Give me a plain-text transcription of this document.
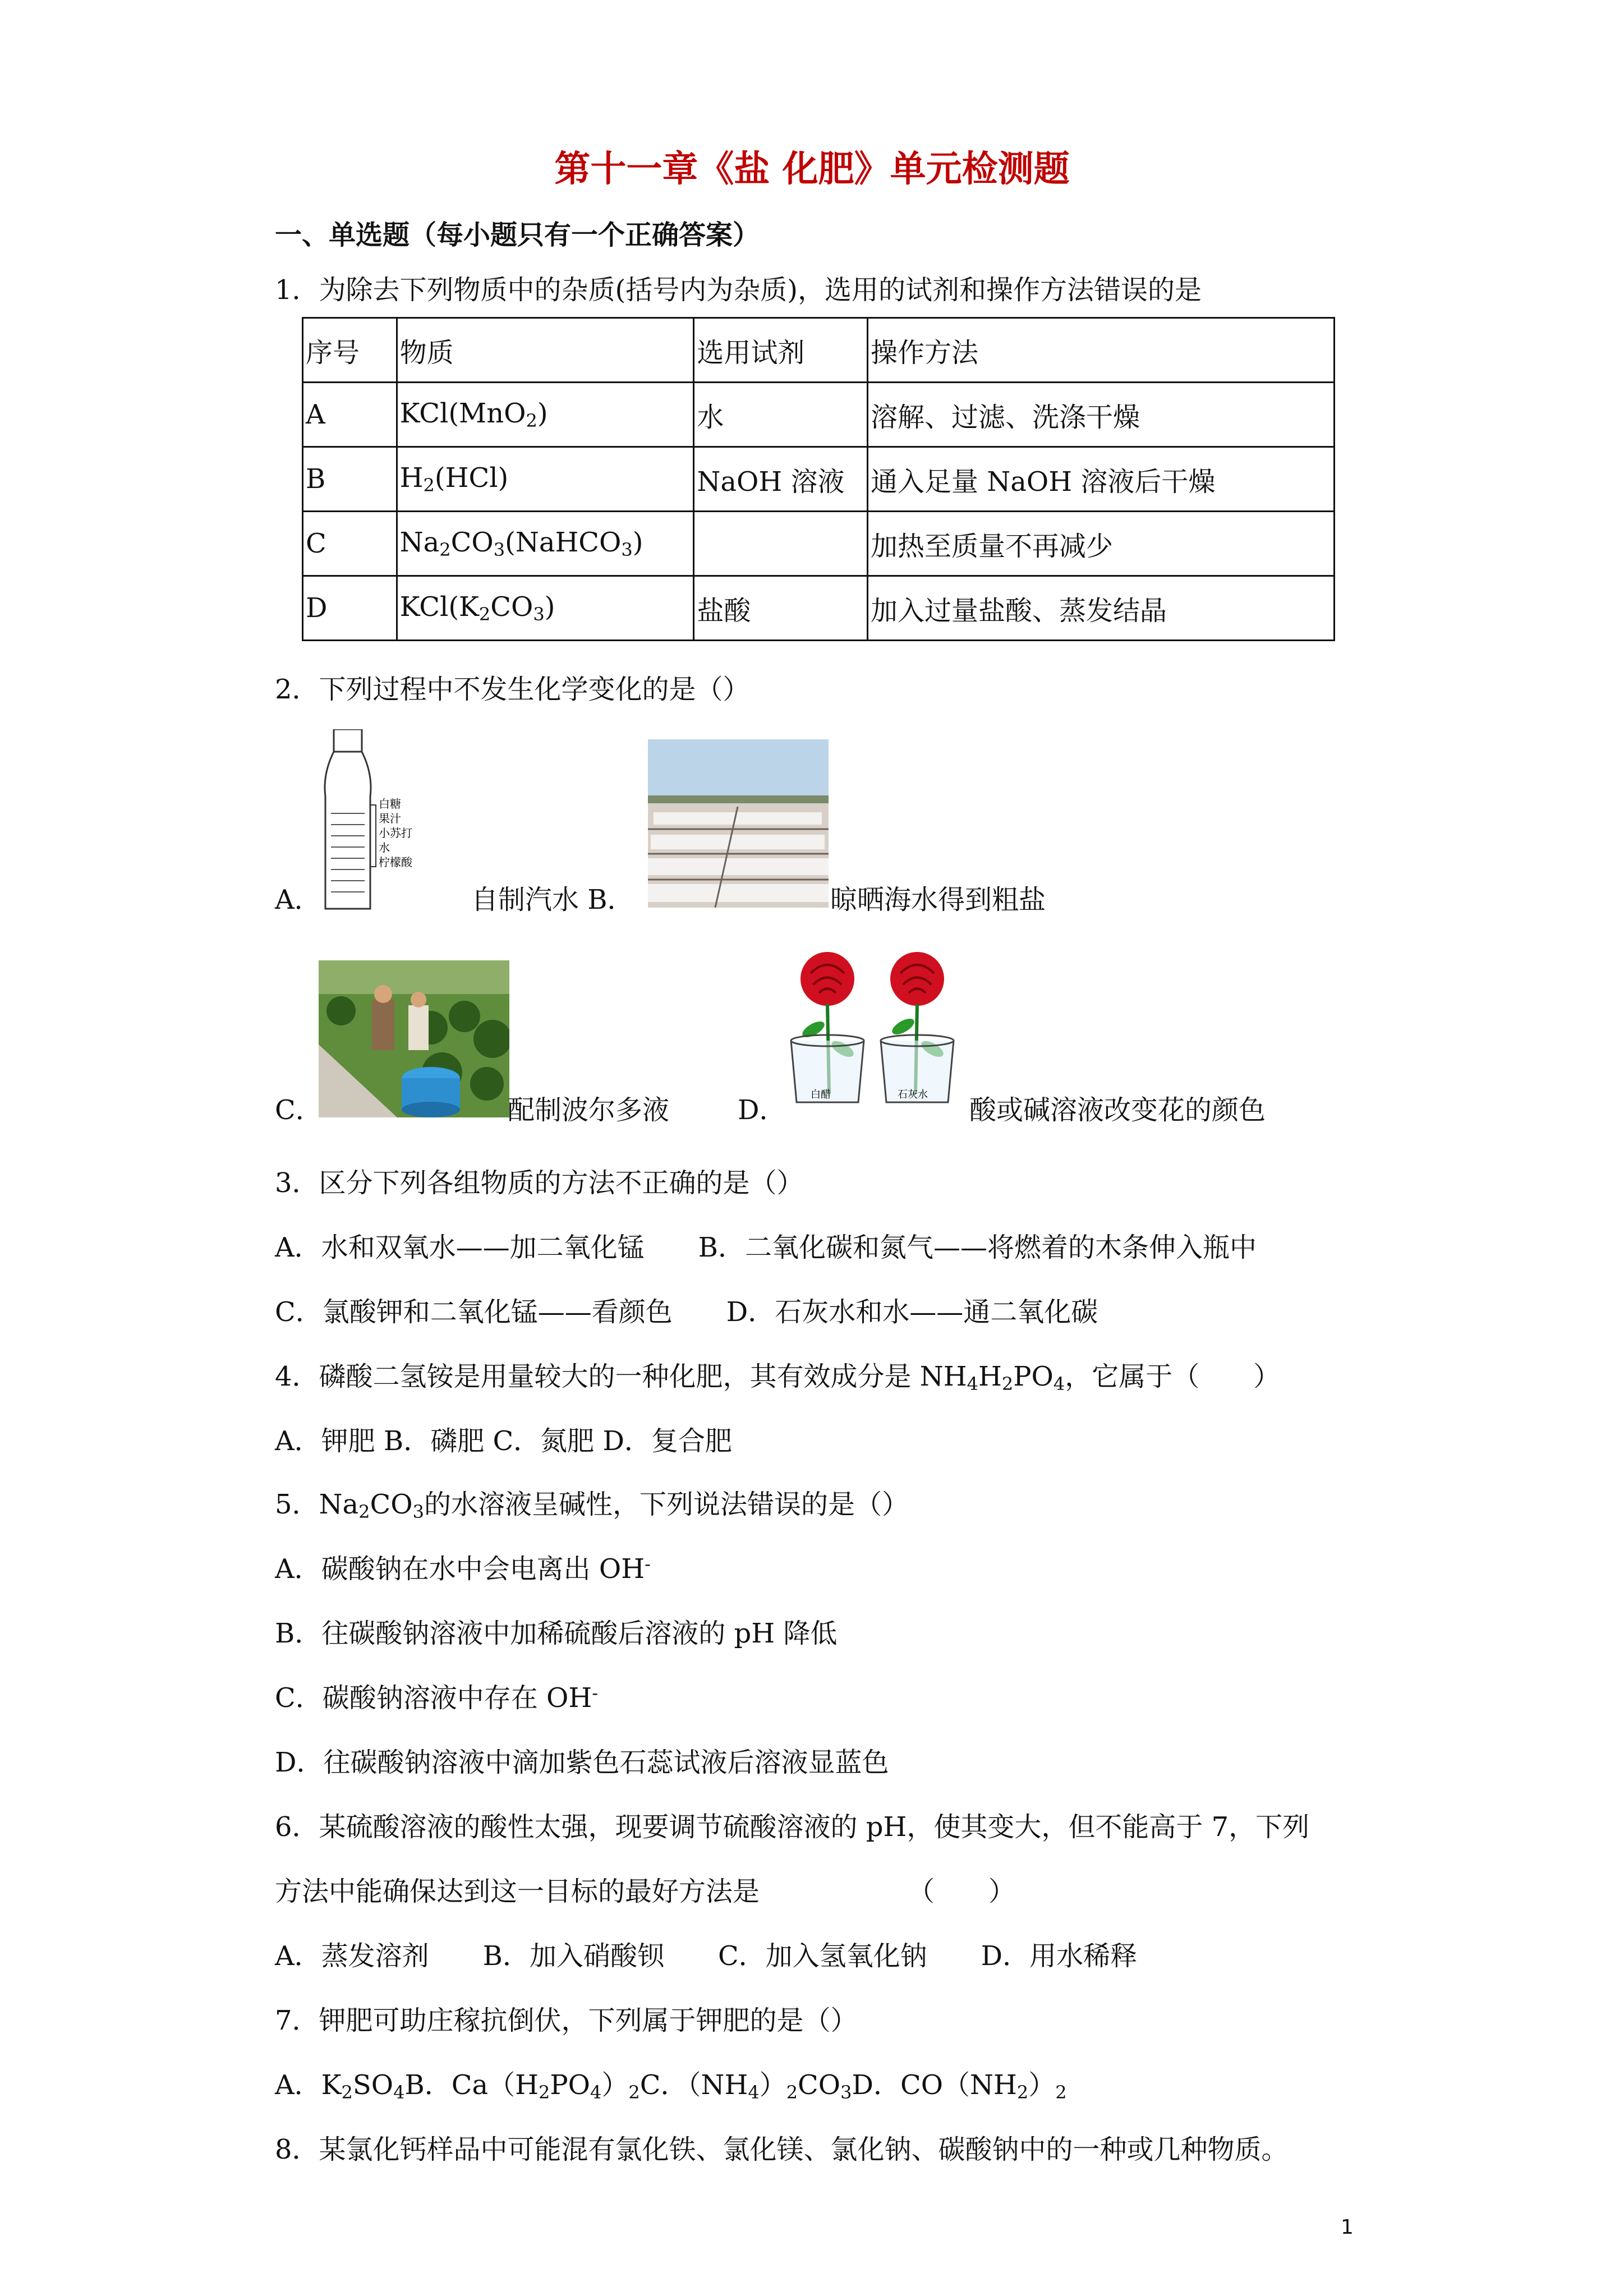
第十一章《盐 化肥》单元检测题
一、单选题（每小题只有一个正确答案）
1．为除去下列物质中的杂质(括号内为杂质)，选用的试剂和操作方法错误的是
序号	物质	选用试剂	操作方法
A	KCl(MnO$_2$)	水	溶解、过滤、洗涤干燥
B	$H_2(HCl)$	NaOH 溶液	通入足量 NaOH 溶液后干燥
C	$Na_2CO_3(NaHCO_3)$		加热至质量不再减少
D	$KCl(K_2CO_3)$	盐酸	加入过量盐酸、蒸发结晶
2．下列过程中不发生化学变化的是（）
白糖
果汁
小苏打
水
柠檬酸
A．	自制汽水 B．	晾晒海水得到粗盐
C．	配制波尔多液	D． 白醋	石灰水 酸或碱溶液改变花的颜色
3．区分下列各组物质的方法不正确的是（）
A．水和双氧水——加二氧化锰　　B．二氧化碳和氮气——将燃着的木条伸入瓶中
C．氯酸钾和二氧化锰——看颜色　　D．石灰水和水——通二氧化碳
4．磷酸二氢铵是用量较大的一种化肥，其有效成分是 $NH_4H_2PO_4$，它属于（　　）
A．钾肥 B．磷肥 C．氮肥 D．复合肥
5．$Na_2CO_3$的水溶液呈碱性，下列说法错误的是（）
A．碳酸钠在水中会电离出 OH-
B．往碳酸钠溶液中加稀硫酸后溶液的 pH 降低
C．碳酸钠溶液中存在 OH-
D．往碳酸钠溶液中滴加紫色石蕊试液后溶液显蓝色
6．某硫酸溶液的酸性太强，现要调节硫酸溶液的 pH，使其变大，但不能高于 7，下列
方法中能确保达到这一目标的最好方法是　　　　　　（　　）
A．蒸发溶剂　　B．加入硝酸钡　　C．加入氢氧化钠　　D．用水稀释
7．钾肥可助庄稼抗倒伏，下列属于钾肥的是（）
A．$K_2SO_4B$．$Ca(H_2PO_4)_2C$．$(NH_4)_2CO_3D$．$CO(NH_2)_2$
8．某氯化钙样品中可能混有氯化铁、氯化镁、氯化钠、碳酸钠中的一种或几种物质。
1
